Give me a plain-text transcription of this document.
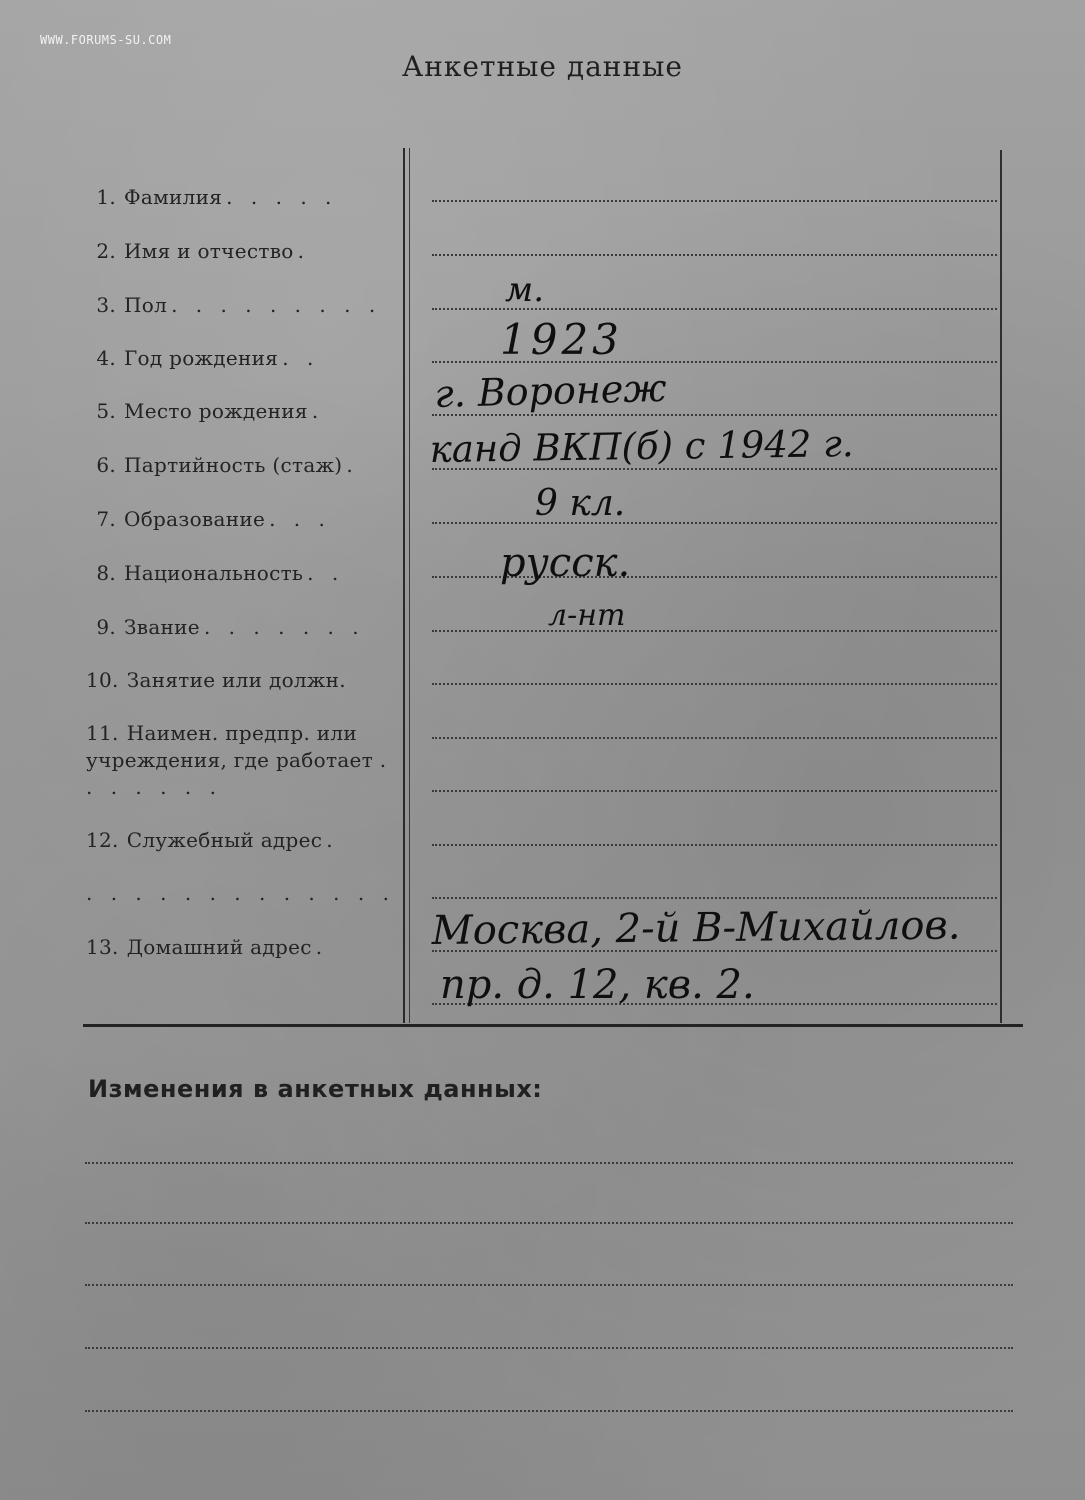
WWW.FORUMS-SU.COM
Анкетные данные
1. Фамилия . . . . .
2. Имя и отчество .
3. Пол . . . . . . . . .
4. Год рождения . .
5. Место рождения .
6. Партийность (стаж) .
7. Образование . . .
8. Национальность . .
9. Звание . . . . . . .
10. Занятие или должн.
11. Наимен. предпр. или учреждения, где работает . . . . . . .
12. Служебный адрес .
. . . . . . . . . . . . .
13. Домашний адрес .
м.
1923
г. Воронеж
канд ВКП(б) с 1942 г.
9 кл.
русск.
л-нт
Москва, 2-й В-Михайлов.
пр. д. 12, кв. 2.
Изменения в анкетных данных:
